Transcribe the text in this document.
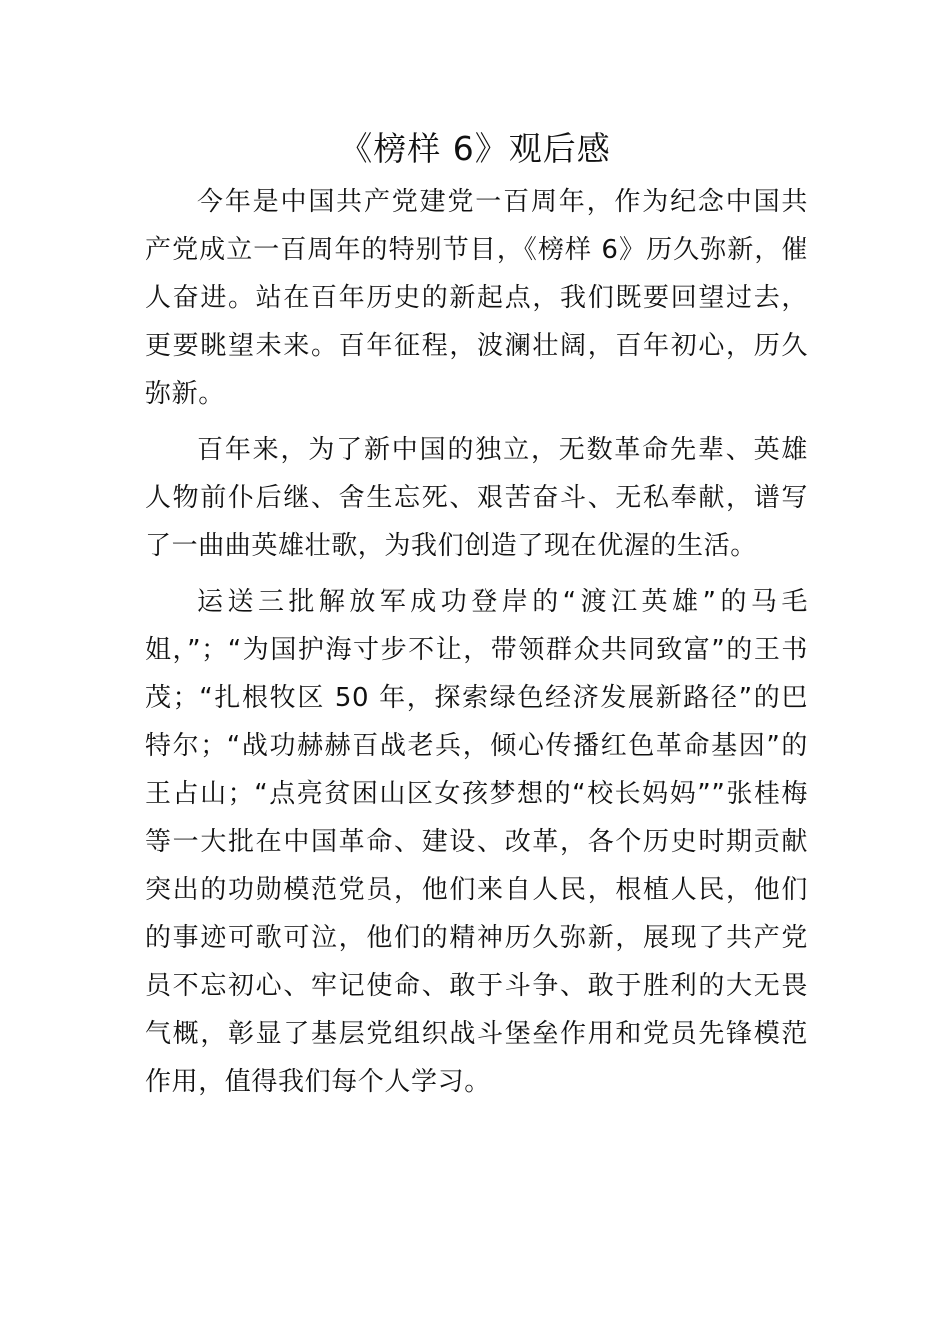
《榜样 6》观后感

今年是中国共产党建党一百周年，作为纪念中国共产党成立一百周年的特别节目，《榜样 6》历久弥新，催人奋进。站在百年历史的新起点，我们既要回望过去，更要眺望未来。百年征程，波澜壮阔，百年初心，历久弥新。

百年来，为了新中国的独立，无数革命先辈、英雄人物前仆后继、舍生忘死、艰苦奋斗、无私奉献，谱写了一曲曲英雄壮歌，为我们创造了现在优渥的生活。

运送三批解放军成功登岸的“渡江英雄”的马毛姐，”；“为国护海寸步不让，带领群众共同致富”的王书茂；“扎根牧区 50 年，探索绿色经济发展新路径”的巴特尔；“战功赫赫百战老兵，倾心传播红色革命基因”的王占山；“点亮贫困山区女孩梦想的“校长妈妈””张桂梅等一大批在中国革命、建设、改革，各个历史时期贡献突出的功勋模范党员，他们来自人民，根植人民，他们的事迹可歌可泣，他们的精神历久弥新，展现了共产党员不忘初心、牢记使命、敢于斗争、敢于胜利的大无畏气概，彰显了基层党组织战斗堡垒作用和党员先锋模范作用，值得我们每个人学习。
